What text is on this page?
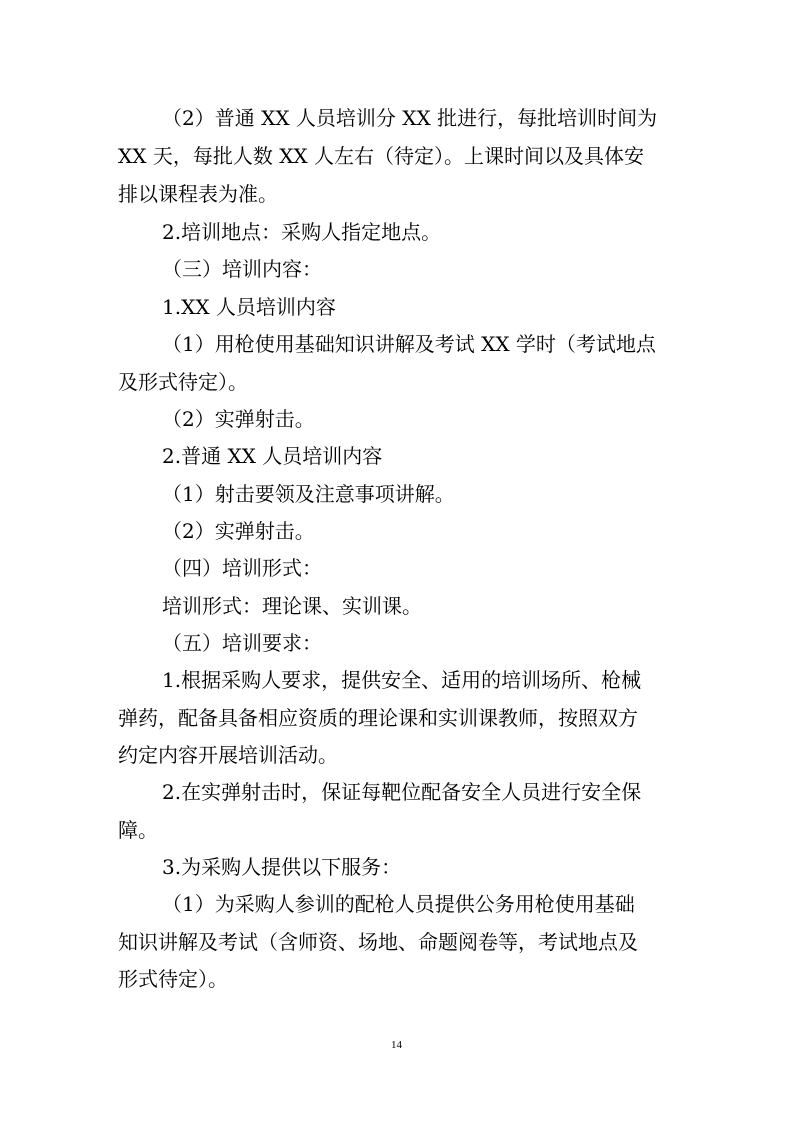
（2）普通 XX 人员培训分 XX 批进行，每批培训时间为
XX 天，每批人数 XX 人左右（待定）。上课时间以及具体安
排以课程表为准。
2.培训地点：采购人指定地点。
（三）培训内容：
1.XX 人员培训内容
（1）用枪使用基础知识讲解及考试 XX 学时（考试地点
及形式待定）。
（2）实弹射击。
2.普通 XX 人员培训内容
（1）射击要领及注意事项讲解。
（2）实弹射击。
（四）培训形式：
培训形式：理论课、实训课。
（五）培训要求：
1.根据采购人要求，提供安全、适用的培训场所、枪械
弹药，配备具备相应资质的理论课和实训课教师，按照双方
约定内容开展培训活动。
2.在实弹射击时，保证每靶位配备安全人员进行安全保
障。
3.为采购人提供以下服务：
（1）为采购人参训的配枪人员提供公务用枪使用基础
知识讲解及考试（含师资、场地、命题阅卷等，考试地点及
形式待定）。
14
